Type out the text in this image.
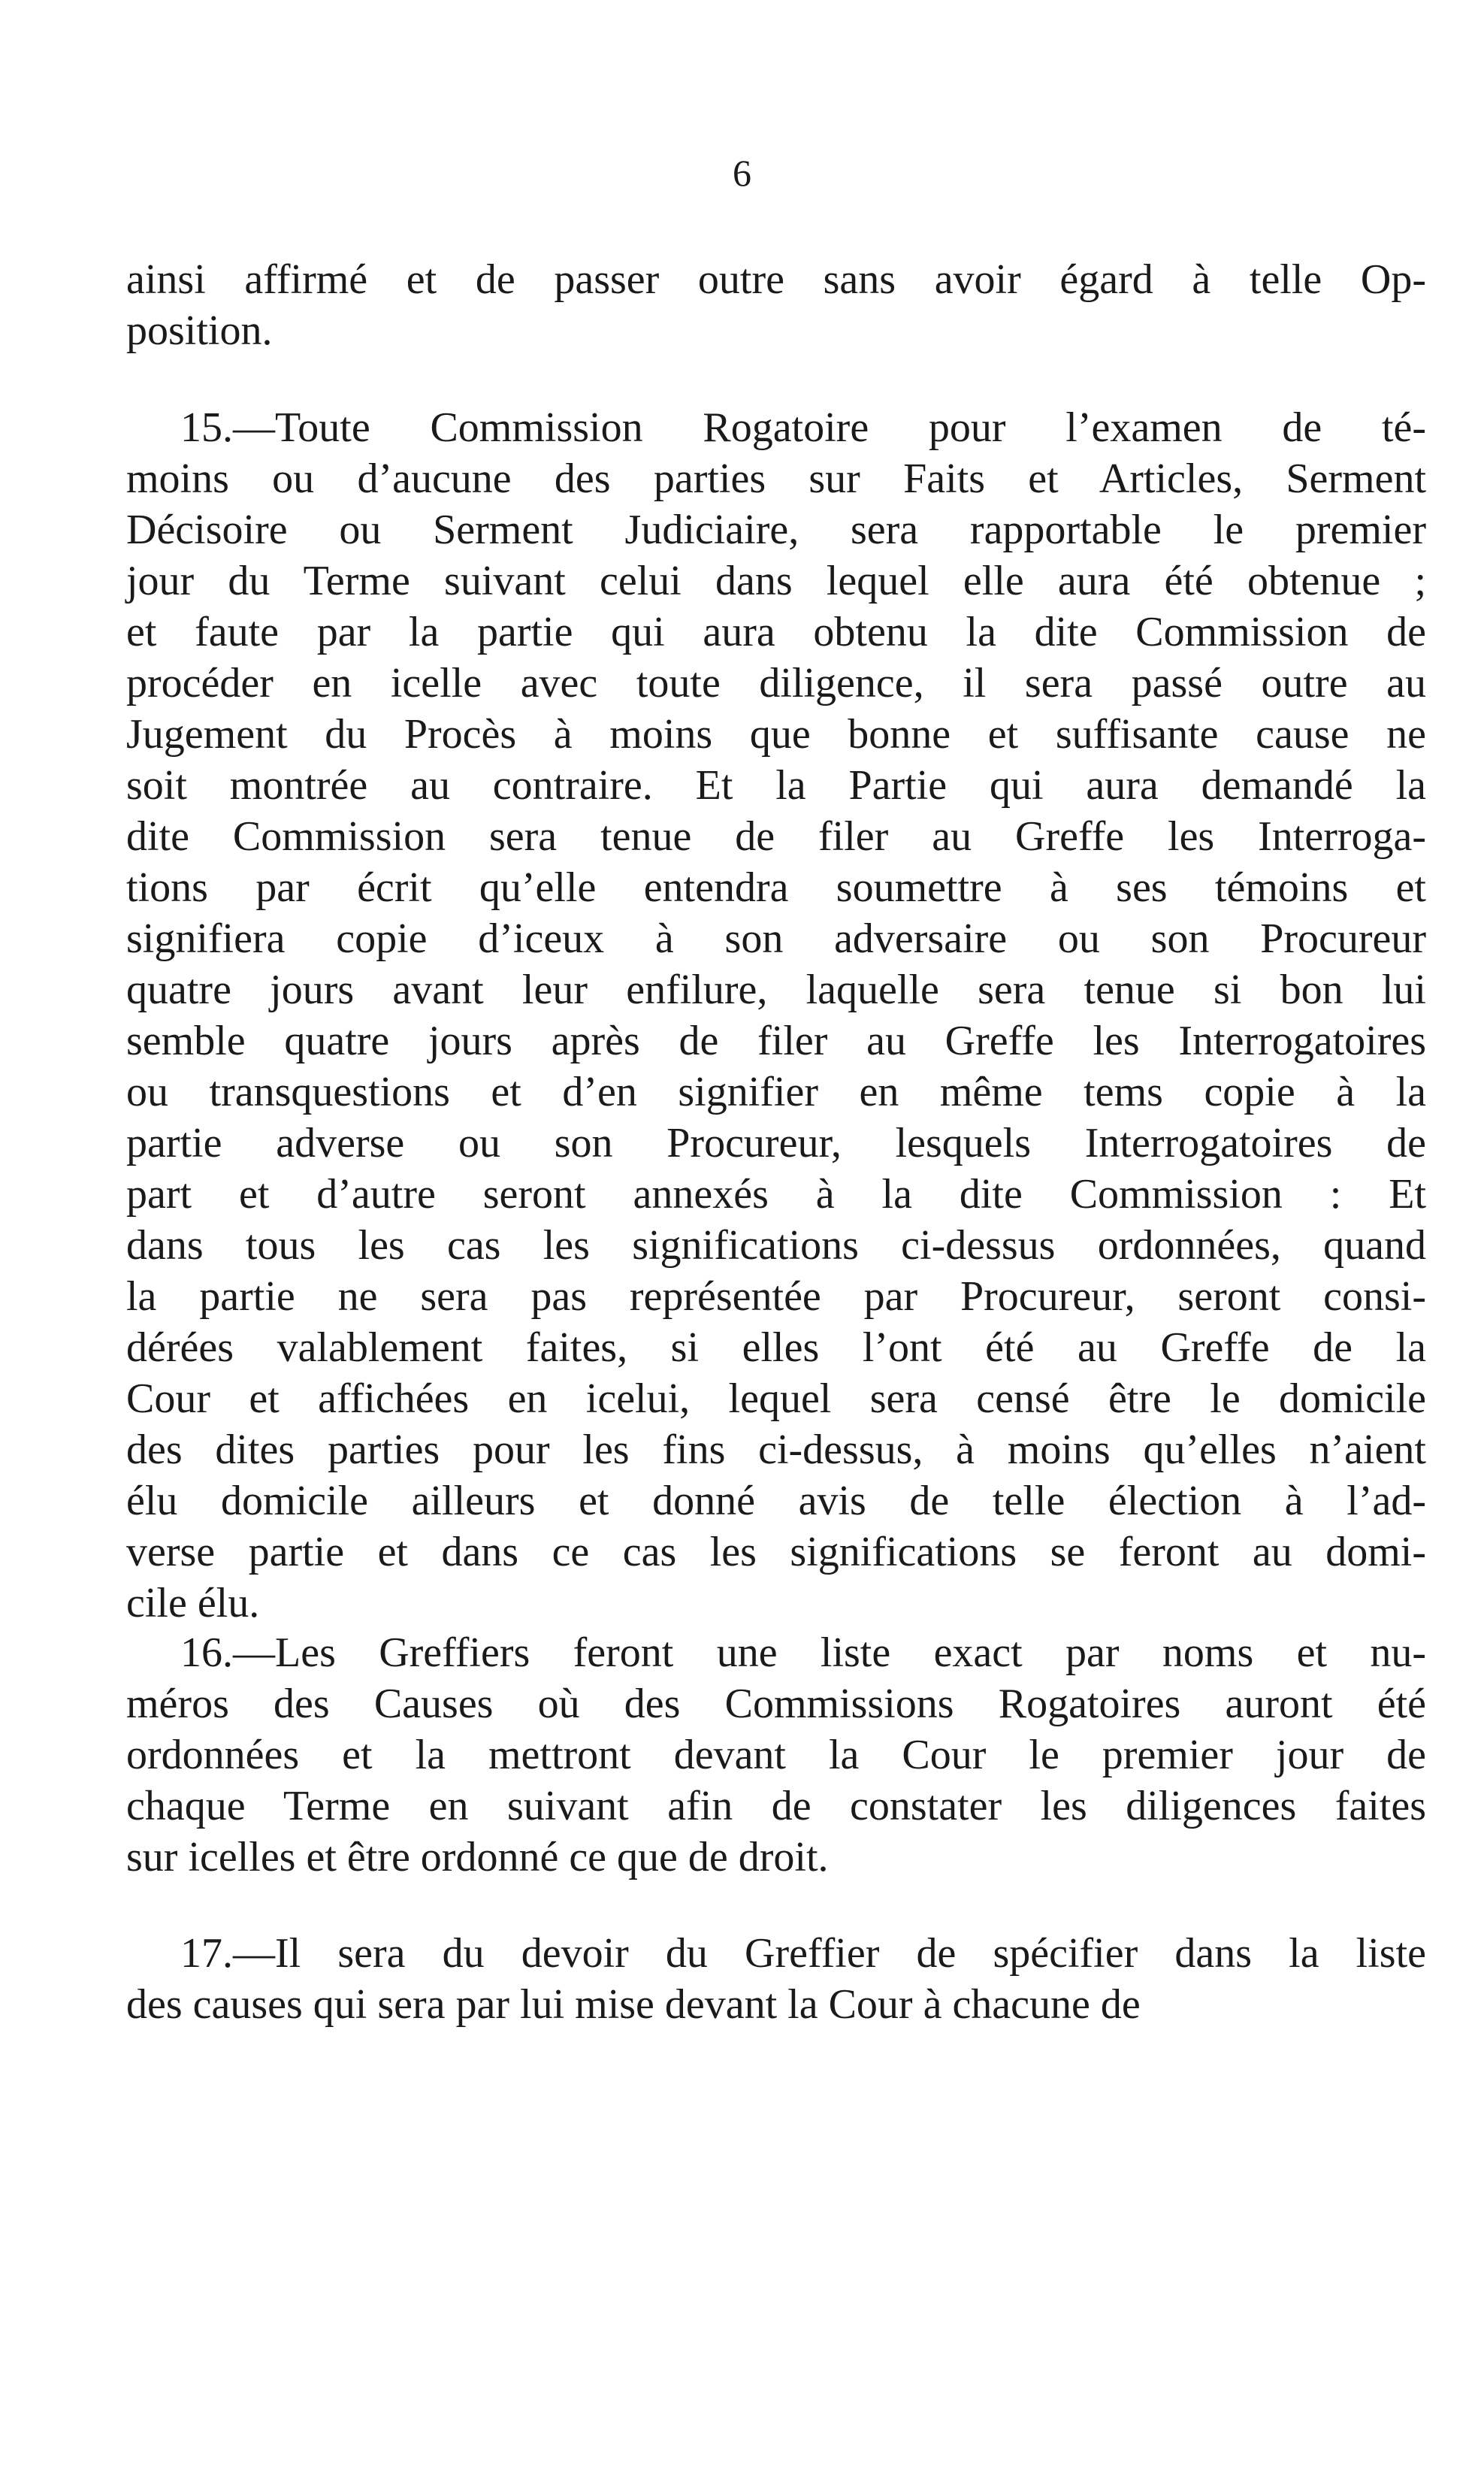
6
ainsi affirmé et de passer outre sans avoir égard à telle Op-
position.
15.—Toute Commission Rogatoire pour l’examen de té-
moins ou d’aucune des parties sur Faits et Articles, Serment
Décisoire ou Serment Judiciaire, sera rapportable le premier
jour du Terme suivant celui dans lequel elle aura été obtenue ;
et faute par la partie qui aura obtenu la dite Commission de
procéder en icelle avec toute diligence, il sera passé outre au
Jugement du Procès à moins que bonne et suffisante cause ne
soit montrée au contraire. Et la Partie qui aura demandé la
dite Commission sera tenue de filer au Greffe les Interroga-
tions par écrit qu’elle entendra soumettre à ses témoins et
signifiera copie d’iceux à son adversaire ou son Procureur
quatre jours avant leur enfilure, laquelle sera tenue si bon lui
semble quatre jours après de filer au Greffe les Interrogatoires
ou transquestions et d’en signifier en même tems copie à la
partie adverse ou son Procureur, lesquels Interrogatoires de
part et d’autre seront annexés à la dite Commission : Et
dans tous les cas les significations ci-dessus ordonnées, quand
la partie ne sera pas représentée par Procureur, seront consi-
dérées valablement faites, si elles l’ont été au Greffe de la
Cour et affichées en icelui, lequel sera censé être le domicile
des dites parties pour les fins ci-dessus, à moins qu’elles n’aient
élu domicile ailleurs et donné avis de telle élection à l’ad-
verse partie et dans ce cas les significations se feront au domi-
cile élu.
16.—Les Greffiers feront une liste exact par noms et nu-
méros des Causes où des Commissions Rogatoires auront été
ordonnées et la mettront devant la Cour le premier jour de
chaque Terme en suivant afin de constater les diligences faites
sur icelles et être ordonné ce que de droit.
17.—Il sera du devoir du Greffier de spécifier dans la liste
des causes qui sera par lui mise devant la Cour à chacune de
